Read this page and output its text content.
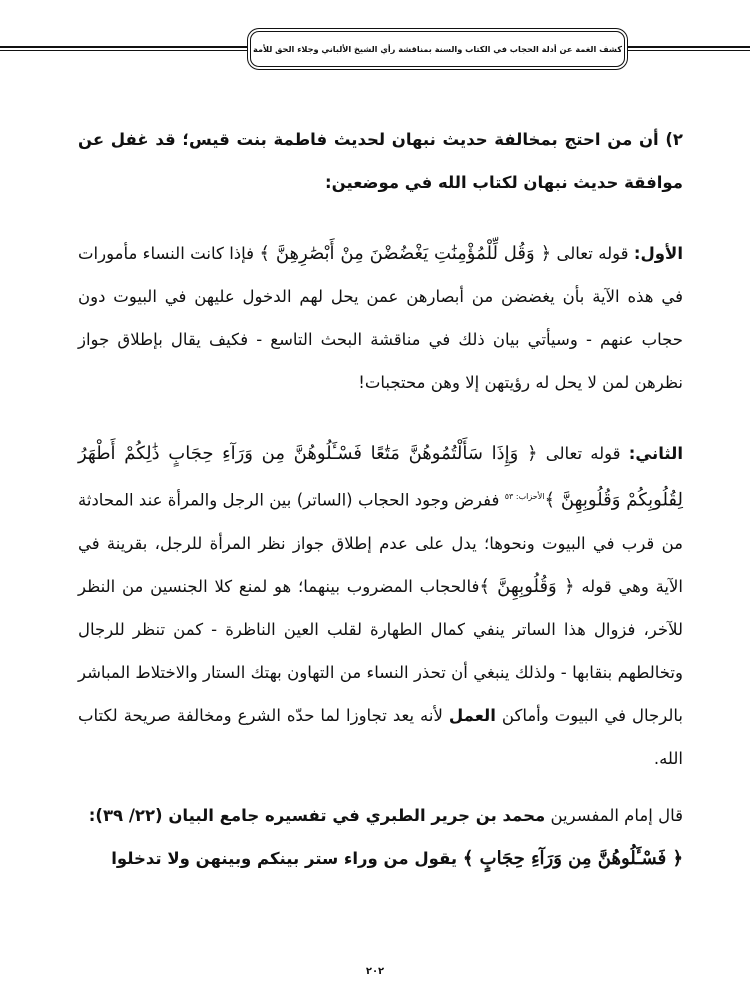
كشف الغمة عن أدلة الحجاب في الكتاب والسنة بمناقشة رأي الشيخ الألباني وجلاء الحق للأمة

٢) أن من احتج بمخالفة حديث نبهان لحديث فاطمة بنت قيس؛ قد غفل عن موافقة حديث نبهان لكتاب الله في موضعين:

الأول: قوله تعالى ﴿ وَقُل لِّلْمُؤْمِنَٰتِ يَغْضُضْنَ مِنْ أَبْصَٰرِهِنَّ ﴾ فإذا كانت النساء مأمورات في هذه الآية بأن يغضضن من أبصارهن عمن يحل لهم الدخول عليهن في البيوت دون حجاب عنهم - وسيأتي بيان ذلك في مناقشة البحث التاسع - فكيف يقال بإطلاق جواز نظرهن لمن لا يحل له رؤيتهن إلا وهن محتجبات!

الثاني: قوله تعالى ﴿ وَإِذَا سَأَلْتُمُوهُنَّ مَتَٰعًا فَسْـَٔلُوهُنَّ مِن وَرَآءِ حِجَابٍ ذَٰلِكُمْ أَطْهَرُ لِقُلُوبِكُمْ وَقُلُوبِهِنَّ ﴾$^{الأحزاب: ٥٣}$ ففرض وجود الحجاب (الساتر) بين الرجل والمرأة عند المحادثة من قرب في البيوت ونحوها؛ يدل على عدم إطلاق جواز نظر المرأة للرجل، بقرينة في الآية وهي قوله ﴿ وَقُلُوبِهِنَّ ﴾فالحجاب المضروب بينهما؛ هو لمنع كلا الجنسين من النظر للآخر، فزوال هذا الساتر ينفي كمال الطهارة لقلب العين الناظرة - كمن تنظر للرجال وتخالطهم بنقابها - ولذلك ينبغي أن تحذر النساء من التهاون بهتك الستار والاختلاط المباشر بالرجال في البيوت وأماكن العمل لأنه يعد تجاوزا لما حدّه الشرع ومخالفة صريحة لكتاب الله.

قال إمام المفسرين محمد بن جرير الطبري في تفسيره جامع البيان (٢٢/ ٣٩):

﴿ فَسْـَٔلُوهُنَّ مِن وَرَآءِ حِجَابٍ ﴾ يقول من وراء ستر بينكم وبينهن ولا تدخلوا

٢٠٢
